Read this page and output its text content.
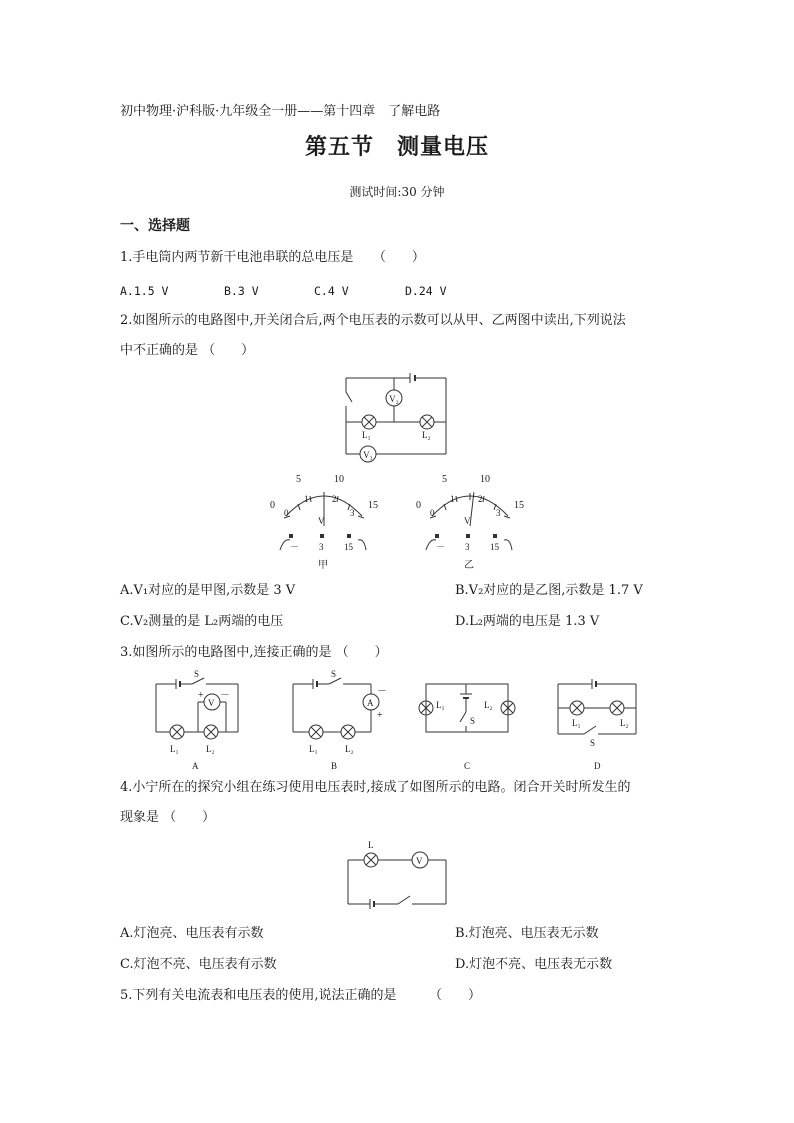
初中物理·沪科版·九年级全一册——第十四章　了解电路
第五节　测量电压
测试时间:30 分钟
一、选择题
1.手电筒内两节新干电池串联的总电压是　　（　　）
A.1.5 V	B.3 V	C.4 V	D.24 V
2.如图所示的电路图中,开关闭合后,两个电压表的示数可以从甲、乙两图中读出,下列说法
中不正确的是 （　　）
V₂
V₁
L₁	L₂
0
5	10
15
0
1	2
3
V
－ 3 15
甲
0
5	10
15
0
1	2
3
V
－ 3 15
乙
A.V₁对应的是甲图,示数是 3 V	B.V₂对应的是乙图,示数是 1.7 V
C.V₂测量的是 L₂两端的电压	D.L₂两端的电压是 1.3 V
3.如图所示的电路图中,连接正确的是 （　　）
V
S
+ －
L₁	L₂
A
A
S
－
+
L₁	L₂
B
L₁	L₂
S
C
L₁	L₂
S
D
4.小宁所在的探究小组在练习使用电压表时,接成了如图所示的电路。闭合开关时所发生的
现象是 （　　）
L
V
A.灯泡亮、电压表有示数	B.灯泡亮、电压表无示数
C.灯泡不亮、电压表有示数	D.灯泡不亮、电压表无示数
5.下列有关电流表和电压表的使用,说法正确的是　　　（　　）
